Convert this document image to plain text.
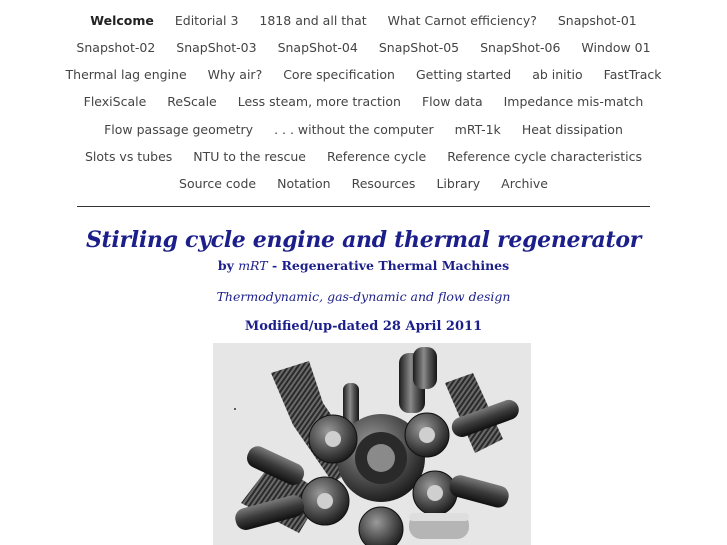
Welcome Editorial 3 1818 and all that What Carnot efficiency? Snapshot-01
Snapshot-02 SnapShot-03 SnapShot-04 SnapShot-05 SnapShot-06 Window 01
Thermal lag engine Why air? Core specification Getting started ab initio FastTrack
FlexiScale ReScale Less steam, more traction Flow data Impedance mis-match
Flow passage geometry . . . without the computer mRT-1k Heat dissipation
Slots vs tubes NTU to the rescue Reference cycle Reference cycle characteristics
Source code Notation Resources Library Archive
Stirling cycle engine and thermal regenerator
by mRT - Regenerative Thermal Machines
Thermodynamic, gas-dynamic and flow design
Modified/up-dated 28 April 2011
